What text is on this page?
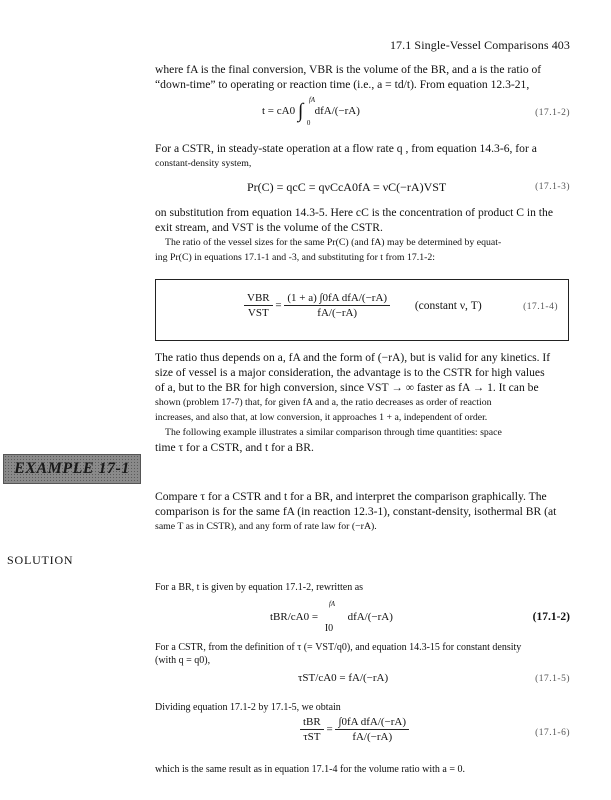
17.1 Single-Vessel Comparisons 403
where fA is the final conversion, VBR is the volume of the BR, and a is the ratio of
“down-time” to operating or reaction time (i.e., a = td/t). From equation 12.3-21,
t = cA0 ∫ fA
0
dfA/(−rA)	(17.1-2)
For a CSTR, in steady-state operation at a flow rate q , from equation 14.3-6, for a
constant-density system,
Pr(C) = qcC = qνCcA0fA = νC(−rA)VST	(17.1-3)
on substitution from equation 14.3-5. Here cC is the concentration of product C in the
exit stream, and VST is the volume of the CSTR.
The ratio of the vessel sizes for the same Pr(C) (and fA) may be determined by equat-
ing Pr(C) in equations 17.1-1 and -3, and substituting for t from 17.1-2:
$\frac{\text{VBR}}{\text{VST}} = \frac{\text{(1 + a) ∫0fA dfA/(−rA)}}{fA/(-rA)}$ (constant ν, T)	(17.1-4)
The ratio thus depends on a, fA and the form of (−rA), but is valid for any kinetics. If
size of vessel is a major consideration, the advantage is to the CSTR for high values
of a, but to the BR for high conversion, since VST → ∞ faster as fA → 1. It can be
shown (problem 17-7) that, for given fA and a, the ratio decreases as order of reaction
increases, and also that, at low conversion, it approaches 1 + a, independent of order.
The following example illustrates a similar comparison through time quantities: space
time τ for a CSTR, and t for a BR.
EXAMPLE 17-1
Compare τ for a CSTR and t for a BR, and interpret the comparison graphically. The
comparison is for the same fA (in reaction 12.3-1), constant-density, isothermal BR (at
same T as in CSTR), and any form of rate law for (−rA).
SOLUTION
For a BR, t is given by equation 17.1-2, rewritten as
tBR/cA0 =
fA
I0
dfA/(−rA)	(17.1-2)
For a CSTR, from the definition of τ (= VST/q0), and equation 14.3-15 for constant density
(with q = q0),
τST/cA0 = fA/(−rA)	(17.1-5)
Dividing equation 17.1-2 by 17.1-5, we obtain
$\frac{\text{tBR}}{\text{τST}} = \frac{\text{∫0fA dfA/(−rA)}}{fA/(-rA)}$	(17.1-6)
which is the same result as in equation 17.1-4 for the volume ratio with a = 0.
